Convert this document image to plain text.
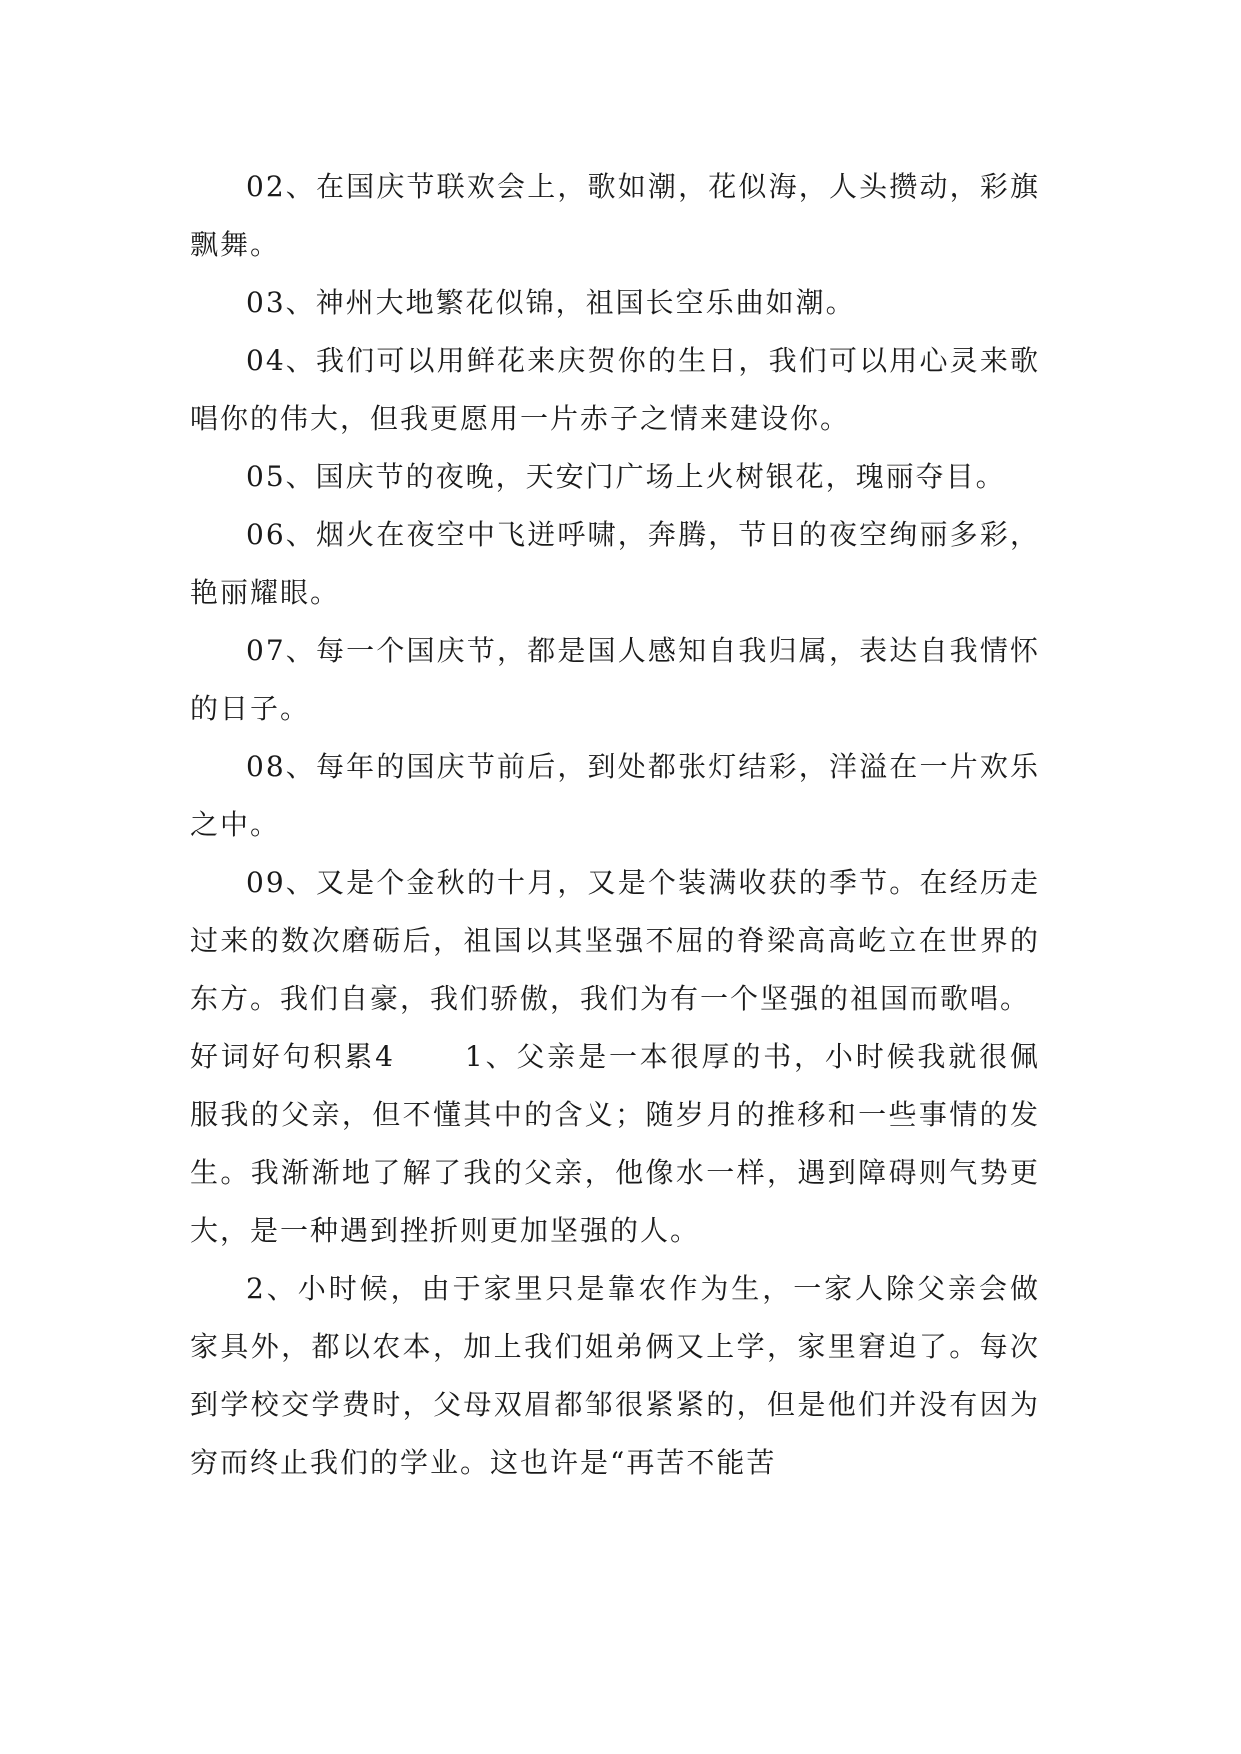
02、在国庆节联欢会上，歌如潮，花似海，人头攒动，彩旗飘舞。

03、神州大地繁花似锦，祖国长空乐曲如潮。

04、我们可以用鲜花来庆贺你的生日，我们可以用心灵来歌唱你的伟大，但我更愿用一片赤子之情来建设你。

05、国庆节的夜晚，天安门广场上火树银花，瑰丽夺目。

06、烟火在夜空中飞迸呼啸，奔腾，节日的夜空绚丽多彩，艳丽耀眼。

07、每一个国庆节，都是国人感知自我归属，表达自我情怀的日子。

08、每年的国庆节前后，到处都张灯结彩，洋溢在一片欢乐之中。

09、又是个金秋的十月，又是个装满收获的季节。在经历走过来的数次磨砺后，祖国以其坚强不屈的脊梁高高屹立在世界的东方。我们自豪，我们骄傲，我们为有一个坚强的祖国而歌唱。

好词好句积累4	1、父亲是一本很厚的书，小时候我就很佩服我的父亲，但不懂其中的含义；随岁月的推移和一些事情的发生。我渐渐地了解了我的父亲，他像水一样，遇到障碍则气势更大，是一种遇到挫折则更加坚强的人。

2、小时候，由于家里只是靠农作为生，一家人除父亲会做家具外，都以农本，加上我们姐弟俩又上学，家里窘迫了。每次到学校交学费时，父母双眉都邹很紧紧的，但是他们并没有因为穷而终止我们的学业。这也许是“再苦不能苦
